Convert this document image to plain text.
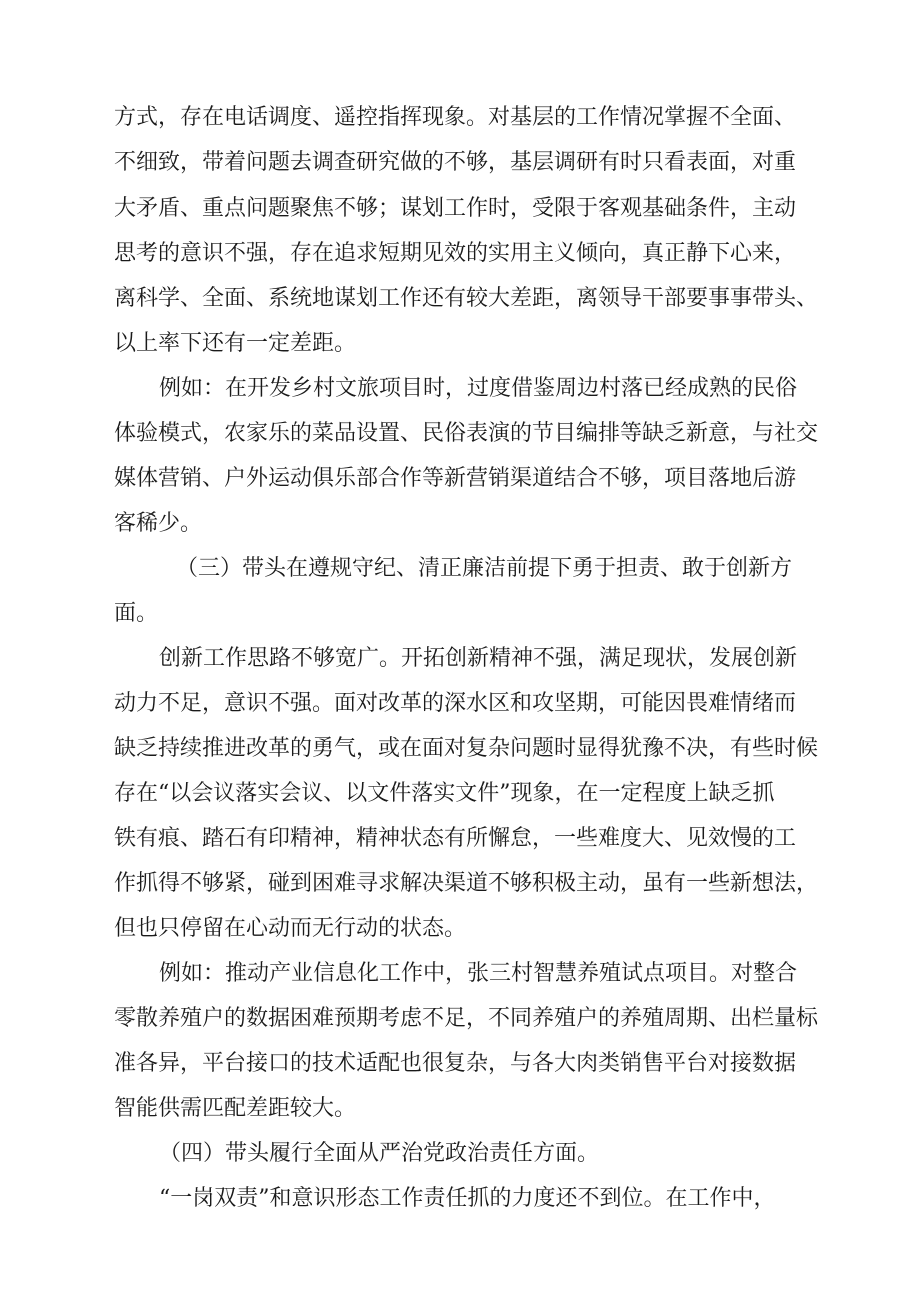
方式，存在电话调度、遥控指挥现象。对基层的工作情况掌握不全面、
不细致，带着问题去调查研究做的不够，基层调研有时只看表面，对重
大矛盾、重点问题聚焦不够；谋划工作时，受限于客观基础条件，主动
思考的意识不强，存在追求短期见效的实用主义倾向，真正静下心来，
离科学、全面、系统地谋划工作还有较大差距，离领导干部要事事带头、
以上率下还有一定差距。
例如：在开发乡村文旅项目时，过度借鉴周边村落已经成熟的民俗
体验模式，农家乐的菜品设置、民俗表演的节目编排等缺乏新意，与社交
媒体营销、户外运动俱乐部合作等新营销渠道结合不够，项目落地后游
客稀少。
（三）带头在遵规守纪、清正廉洁前提下勇于担责、敢于创新方
面。
创新工作思路不够宽广。开拓创新精神不强，满足现状，发展创新
动力不足，意识不强。面对改革的深水区和攻坚期，可能因畏难情绪而
缺乏持续推进改革的勇气，或在面对复杂问题时显得犹豫不决，有些时候
存在“以会议落实会议、以文件落实文件”现象，在一定程度上缺乏抓
铁有痕、踏石有印精神，精神状态有所懈怠，一些难度大、见效慢的工
作抓得不够紧，碰到困难寻求解决渠道不够积极主动，虽有一些新想法，
但也只停留在心动而无行动的状态。
例如：推动产业信息化工作中，张三村智慧养殖试点项目。对整合
零散养殖户的数据困难预期考虑不足，不同养殖户的养殖周期、出栏量标
准各异，平台接口的技术适配也很复杂，与各大肉类销售平台对接数据
智能供需匹配差距较大。
（四）带头履行全面从严治党政治责任方面。
“一岗双责”和意识形态工作责任抓的力度还不到位。在工作中，
